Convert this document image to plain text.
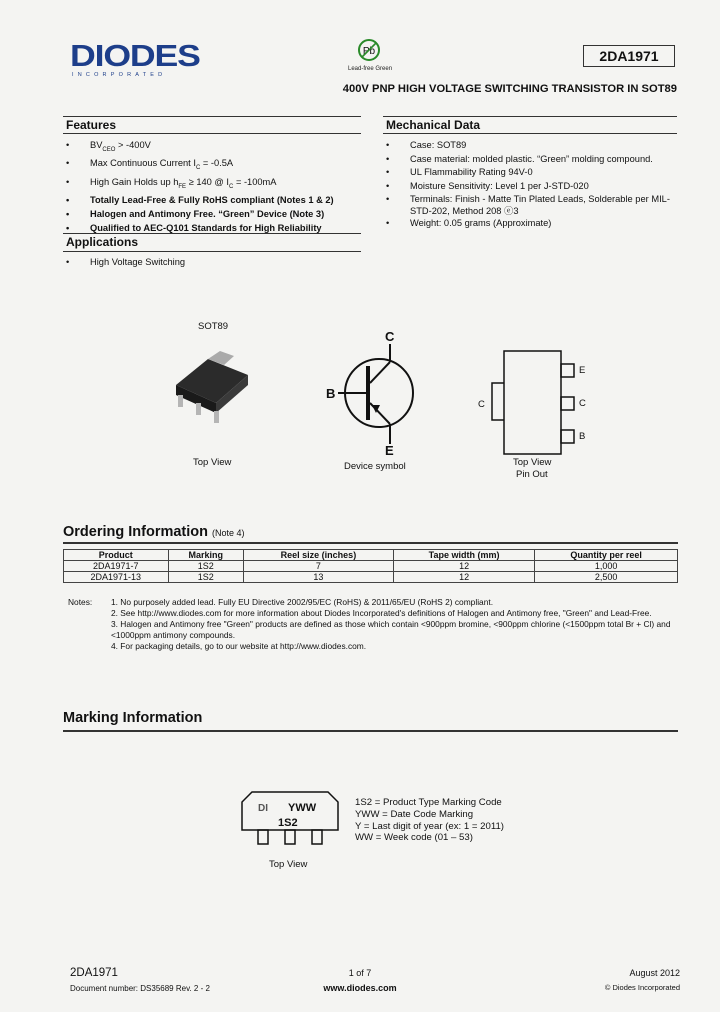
DIODES
INCORPORATED
Pb
Lead-free Green
2DA1971
400V PNP HIGH VOLTAGE SWITCHING TRANSISTOR IN SOT89
Features
• $BV_{CEO} > -400V$
• Max Continuous Current $I_C = -0.5A$
• High Gain Holds up $h_{FE} \ge 140$ @ $I_C = -100mA$
• Totally Lead-Free & Fully RoHS compliant (Notes 1 & 2)
• Halogen and Antimony Free. “Green” Device (Note 3)
• Qualified to AEC-Q101 Standards for High Reliability
Applications
• High Voltage Switching
Mechanical Data
• Case: SOT89
• Case material: molded plastic. “Green” molding compound.
• UL Flammability Rating 94V-0
• Moisture Sensitivity: Level 1 per J-STD-020
• Terminals: Finish - Matte Tin Plated Leads, Solderable per MIL-STD-202, Method 208 ⓔ3
• Weight: 0.05 grams (Approximate)
SOT89
Top View
C
B
E
Device symbol
C
E
C
B
Top View
Pin Out
Ordering Information (Note 4)
Product	Marking	Reel size (inches)	Tape width (mm)	Quantity per reel
2DA1971-7	1S2	7	12	1,000
2DA1971-13	1S2	13	12	2,500
Notes: 1. No purposely added lead. Fully EU Directive 2002/95/EC (RoHS) & 2011/65/EU (RoHS 2) compliant.
2. See http://www.diodes.com for more information about Diodes Incorporated's definitions of Halogen and Antimony free, "Green" and Lead-Free.
3. Halogen and Antimony free "Green" products are defined as those which contain <900ppm bromine, <900ppm chlorine (<1500ppm total Br + Cl) and <1000ppm antimony compounds.
4. For packaging details, go to our website at http://www.diodes.com.
Marking Information
DI YWW
1S2
Top View
1S2 = Product Type Marking Code
YWW = Date Code Marking
Y = Last digit of year (ex: 1 = 2011)
WW = Week code (01 – 53)
2DA1971
Document number: DS35689 Rev. 2 - 2
1 of 7
www.diodes.com
August 2012
© Diodes Incorporated
